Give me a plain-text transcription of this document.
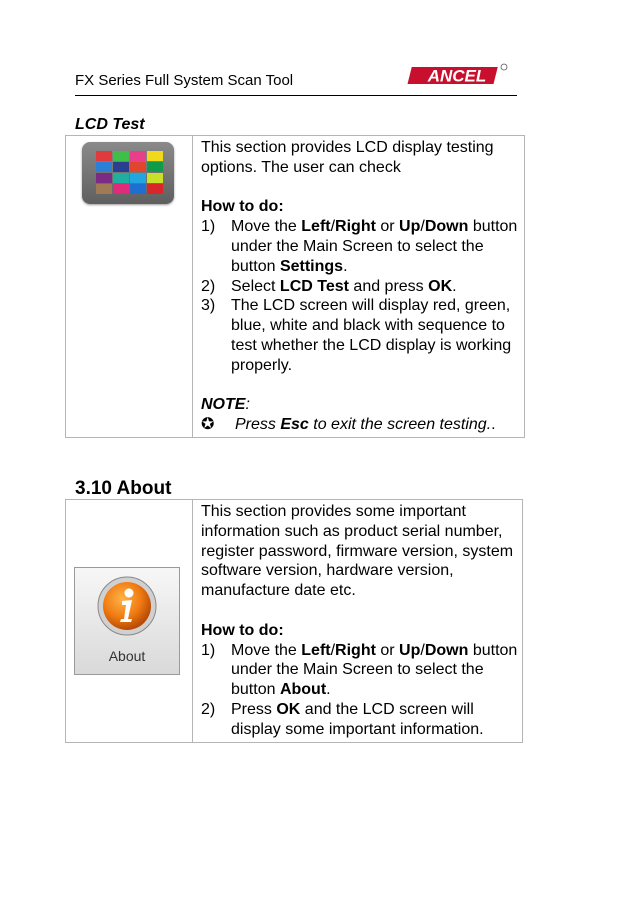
FX Series Full System Scan Tool	ANCEL
LCD Test

This section provides LCD display testing options. The user can check

How to do:

1) Move the Left/Right or Up/Down button under the Main Screen to select the button Settings.
2) Select LCD Test and press OK.
3) The LCD screen will display red, green, blue, white and black with sequence to test whether the LCD display is working properly.

NOTE:

✪ Press Esc to exit the screen testing..
3.10 About
About

This section provides some important information such as product serial number, register password, firmware version, system software version, hardware version, manufacture date etc.

How to do:

1) Move the Left/Right or Up/Down button under the Main Screen to select the button About.
2) Press OK and the LCD screen will display some important information.
